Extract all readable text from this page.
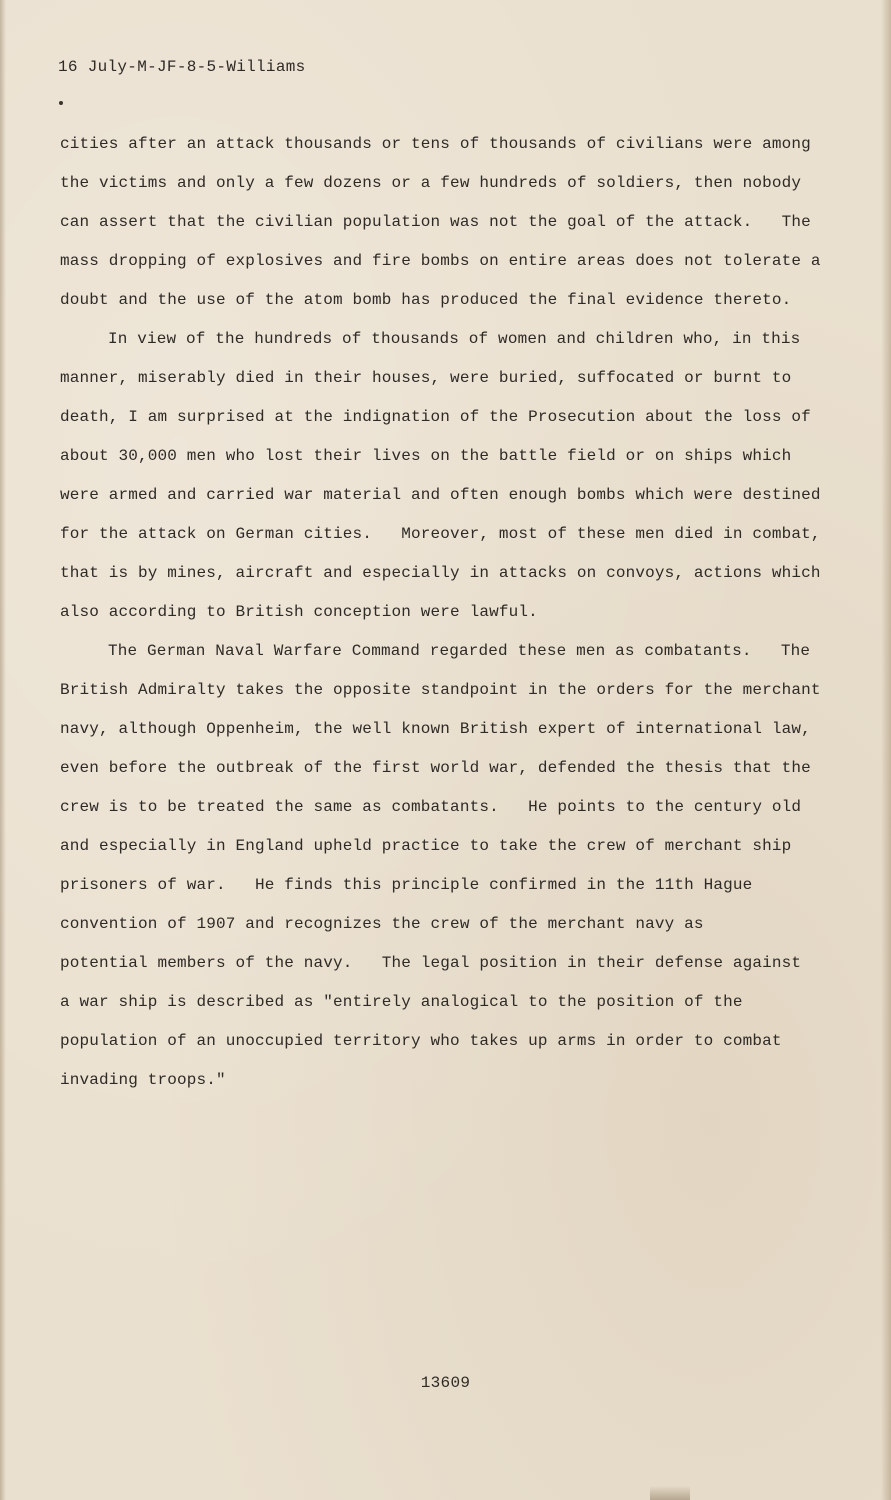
16 July-M-JF-8-5-Williams
cities after an attack thousands or tens of thousands of civilians were among
the victims and only a few dozens or a few hundreds of soldiers, then nobody
can assert that the civilian population was not the goal of the attack.   The
mass dropping of explosives and fire bombs on entire areas does not tolerate a
doubt and the use of the atom bomb has produced the final evidence thereto.
In view of the hundreds of thousands of women and children who, in this
manner, miserably died in their houses, were buried, suffocated or burnt to
death, I am surprised at the indignation of the Prosecution about the loss of
about 30,000 men who lost their lives on the battle field or on ships which
were armed and carried war material and often enough bombs which were destined
for the attack on German cities.   Moreover, most of these men died in combat,
that is by mines, aircraft and especially in attacks on convoys, actions which
also according to British conception were lawful.
The German Naval Warfare Command regarded these men as combatants.   The
British Admiralty takes the opposite standpoint in the orders for the merchant
navy, although Oppenheim, the well known British expert of international law,
even before the outbreak of the first world war, defended the thesis that the
crew is to be treated the same as combatants.   He points to the century old
and especially in England upheld practice to take the crew of merchant ship
prisoners of war.   He finds this principle confirmed in the 11th Hague
convention of 1907 and recognizes the crew of the merchant navy as
potential members of the navy.   The legal position in their defense against
a war ship is described as "entirely analogical to the position of the
population of an unoccupied territory who takes up arms in order to combat
invading troops."
13609
